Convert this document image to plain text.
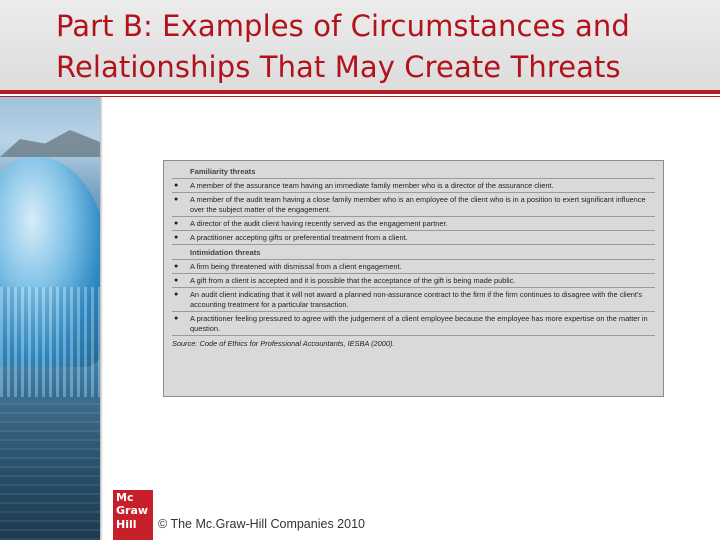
Part B: Examples of Circumstances and
Relationships That May Create Threats
Familiarity threats
●	A member of the assurance team having an immediate family member who is a director of the assurance client.
●	A member of the audit team having a close family member who is an employee of the client who is in a position to exert significant influence over the subject matter of the engagement.
●	A director of the audit client having recently served as the engagement partner.
●	A practitioner accepting gifts or preferential treatment from a client.
Intimidation threats
●	A firm being threatened with dismissal from a client engagement.
●	A gift from a client is accepted and it is possible that the acceptance of the gift is being made public.
●	An audit client indicating that it will not award a planned non-assurance contract to the firm if the firm continues to disagree with the client's accounting treatment for a particular transaction.
●	A practitioner feeling pressured to agree with the judgement of a client employee because the employee has more expertise on the matter in question.
Source: Code of Ethics for Professional Accountants, IESBA (2000).
Mc
Graw
Hill	© The Mc.Graw-Hill Companies 2010
